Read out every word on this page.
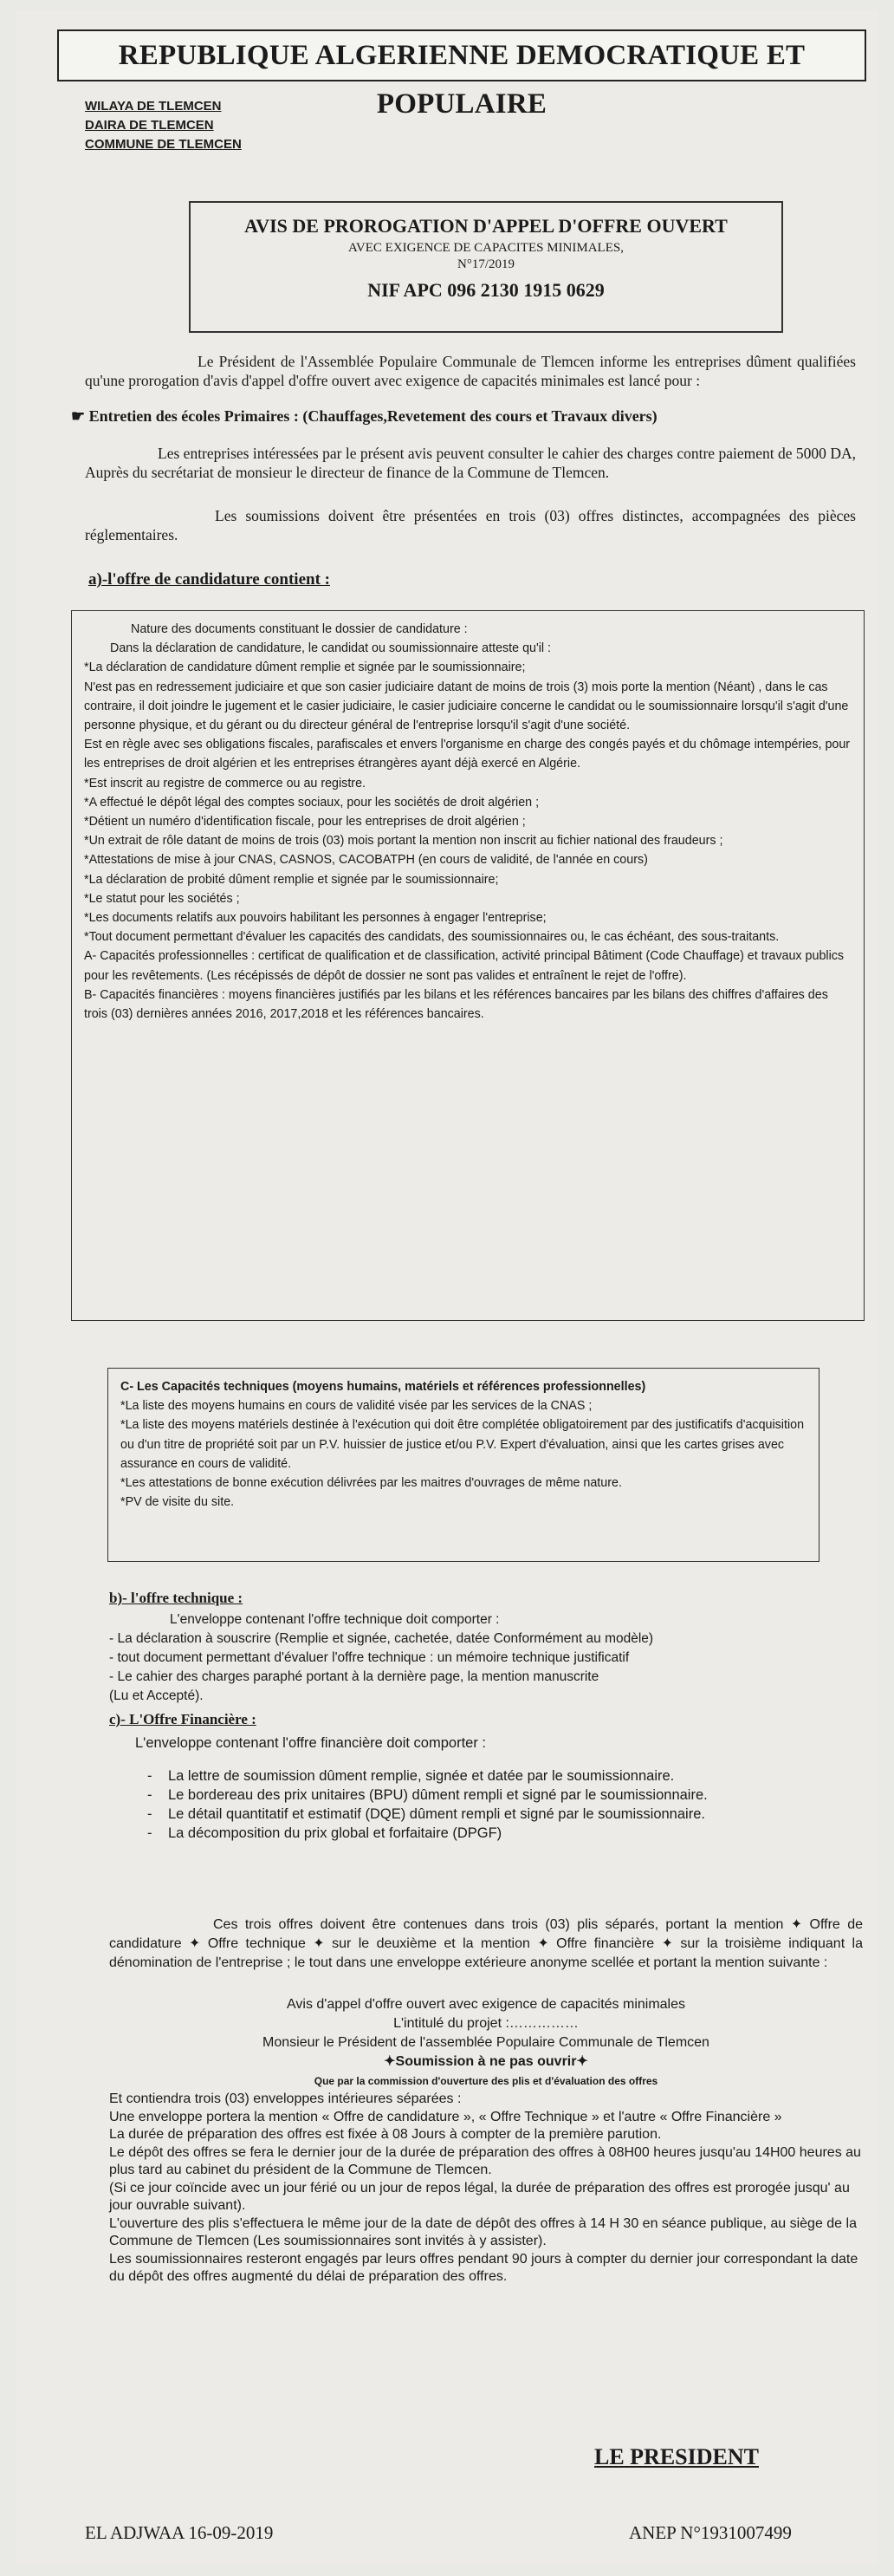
REPUBLIQUE ALGERIENNE DEMOCRATIQUE ET POPULAIRE
WILAYA DE TLEMCEN
DAIRA DE TLEMCEN
COMMUNE DE TLEMCEN
AVIS DE PROROGATION D'APPEL D'OFFRE OUVERT
AVEC EXIGENCE DE CAPACITES MINIMALES,
N°17/2019
NIF APC 096 2130 1915 0629
Le Président de l'Assemblée Populaire Communale de Tlemcen informe les entreprises dûment qualifiées qu'une prorogation d'avis d'appel d'offre ouvert avec exigence de capacités minimales est lancé pour :
☛ Entretien des écoles Primaires : (Chauffages,Revetement des cours et Travaux divers)
Les entreprises intéressées par le présent avis peuvent consulter le cahier des charges contre paiement de 5000 DA, Auprès du secrétariat de monsieur le directeur de finance de la Commune de Tlemcen.
Les soumissions doivent être présentées en trois (03) offres distinctes, accompagnées des pièces réglementaires.
a)-l'offre de candidature contient :

Nature des documents constituant le dossier de candidature :

Dans la déclaration de candidature, le candidat ou soumissionnaire atteste qu'il :

*La déclaration de candidature dûment remplie et signée par le soumissionnaire;

N'est pas en redressement judiciaire et que son casier judiciaire datant de moins de trois (3) mois porte la mention (Néant) , dans le cas contraire, il doit joindre le jugement et le casier judiciaire, le casier judiciaire concerne le candidat ou le soumissionnaire lorsqu'il s'agit d'une personne physique, et du gérant ou du directeur général de l'entreprise lorsqu'il s'agit d'une société.

Est en règle avec ses obligations fiscales, parafiscales et envers l'organisme en charge des congés payés et du chômage intempéries, pour les entreprises de droit algérien et les entreprises étrangères ayant déjà exercé en Algérie.

*Est inscrit au registre de commerce ou au registre.

*A effectué le dépôt légal des comptes sociaux, pour les sociétés de droit algérien ;

*Détient un numéro d'identification fiscale, pour les entreprises de droit algérien ;

*Un extrait de rôle datant de moins de trois (03) mois portant la mention non inscrit au fichier national des fraudeurs ;

*Attestations de mise à jour CNAS, CASNOS, CACOBATPH (en cours de validité, de l'année en cours)

*La déclaration de probité dûment remplie et signée par le soumissionnaire;

*Le statut pour les sociétés ;

*Les documents relatifs aux pouvoirs habilitant les personnes à engager l'entreprise;

*Tout document permettant d'évaluer les capacités des candidats, des soumissionnaires ou, le cas échéant, des sous-traitants.

A- Capacités professionnelles : certificat de qualification et de classification, activité principal Bâtiment (Code Chauffage) et travaux publics pour les revêtements. (Les récépissés de dépôt de dossier ne sont pas valides et entraînent le rejet de l'offre).

B- Capacités financières : moyens financières justifiés par les bilans et les références bancaires par les bilans des chiffres d'affaires des trois (03) dernières années 2016, 2017,2018 et les références bancaires.

C- Les Capacités techniques (moyens humains, matériels et références professionnelles)

*La liste des moyens humains en cours de validité visée par les services de la CNAS ;

*La liste des moyens matériels destinée à l'exécution qui doit être complétée obligatoirement par des justificatifs d'acquisition ou d'un titre de propriété soit par un P.V. huissier de justice et/ou P.V. Expert d'évaluation, ainsi que les cartes grises avec assurance en cours de validité.

*Les attestations de bonne exécution délivrées par les maitres d'ouvrages de même nature.

*PV de visite du site.

b)- l'offre technique :

L'enveloppe contenant l'offre technique doit comporter :

- La déclaration à souscrire (Remplie et signée, cachetée, datée Conformément au modèle)

- tout document permettant d'évaluer l'offre technique : un mémoire technique justificatif

- Le cahier des charges paraphé portant à la dernière page, la mention manuscrite

(Lu et Accepté).

c)- L'Offre Financière :

L'enveloppe contenant l'offre financière doit comporter :

- La lettre de soumission dûment remplie, signée et datée par le soumissionnaire.

- Le bordereau des prix unitaires (BPU) dûment rempli et signé par le soumissionnaire.

- Le détail quantitatif et estimatif (DQE) dûment rempli et signé par le soumissionnaire.

- La décomposition du prix global et forfaitaire (DPGF)

Ces trois offres doivent être contenues dans trois (03) plis séparés, portant la mention ✦ Offre de candidature ✦ Offre technique ✦ sur le deuxième et la mention ✦ Offre financière ✦ sur la troisième indiquant la dénomination de l'entreprise ; le tout dans une enveloppe extérieure anonyme scellée et portant la mention suivante :

Avis d'appel d'offre ouvert avec exigence de capacités minimales

L'intitulé du projet :……………

Monsieur le Président de l'assemblée Populaire Communale de Tlemcen

✦Soumission à ne pas ouvrir✦

Que par la commission d'ouverture des plis et d'évaluation des offres

Et contiendra trois (03) enveloppes intérieures séparées :

Une enveloppe portera la mention « Offre de candidature », « Offre Technique » et l'autre « Offre Financière »

La durée de préparation des offres est fixée à 08 Jours à compter de la première parution.

Le dépôt des offres se fera le dernier jour de la durée de préparation des offres à 08H00 heures jusqu'au 14H00 heures au plus tard au cabinet du président de la Commune de Tlemcen.

(Si ce jour coïncide avec un jour férié ou un jour de repos légal, la durée de préparation des offres est prorogée jusqu' au jour ouvrable suivant).

L'ouverture des plis s'effectuera le même jour de la date de dépôt des offres à 14 H 30 en séance publique, au siège de la Commune de Tlemcen (Les soumissionnaires sont invités à y assister).

Les soumissionnaires resteront engagés par leurs offres pendant 90 jours à compter du dernier jour correspondant la date du dépôt des offres augmenté du délai de préparation des offres.

LE PRESIDENT
EL ADJWAA 16-09-2019	ANEP N°1931007499
